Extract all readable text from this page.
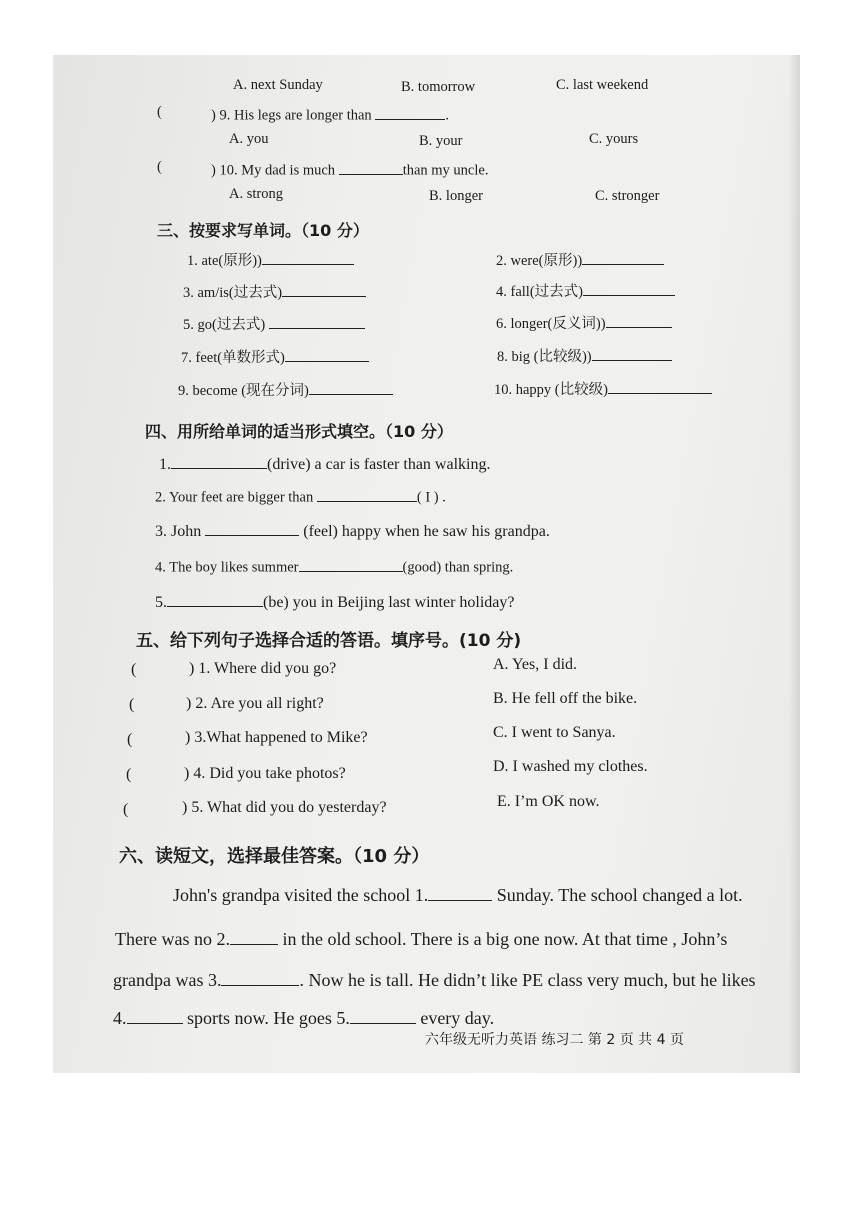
A. next Sunday	B. tomorrow	C. last weekend
(	) 9. His legs are longer than	.
A. you	B. your	C. yours
(	) 10. My dad is much	than my uncle.
A. strong	B. longer	C. stronger
三、按要求写单词。（10 分）
1. ate(原形))	2. were(原形))
3. am/is(过去式)	4. fall(过去式)
5. go(过去式)	6. longer(反义词))
7. feet(单数形式)	8. big (比较级))
9. become (现在分词)	10. happy (比较级)
四、用所给单词的适当形式填空。（10 分）
1.	(drive) a car is faster than walking.
2. Your feet are bigger than	( I ) .
3. John	(feel) happy when he saw his grandpa.
4. The boy likes summer	(good) than spring.
5.	(be) you in Beijing last winter holiday?
五、给下列句子选择合适的答语。填序号。(10 分)
(	) 1. Where did you go?	A. Yes, I did.
(	) 2. Are you all right?	B. He fell off the bike.
(	) 3.What happened to Mike?	C. I went to Sanya.
(	) 4. Did you take photos?	D. I washed my clothes.
(	) 5. What did you do yesterday?	E. I’m OK now.
六、读短文，选择最佳答案。（10 分）
John's grandpa visited the school 1.	Sunday. The school changed a lot.
There was no 2.	in the old school. There is a big one now. At that time , John’s
grandpa was 3.	. Now he is tall. He didn’t like PE class very much, but he likes
4.	sports now. He goes 5.	every day.
六年级无听力英语 练习二 第 2 页 共 4 页
